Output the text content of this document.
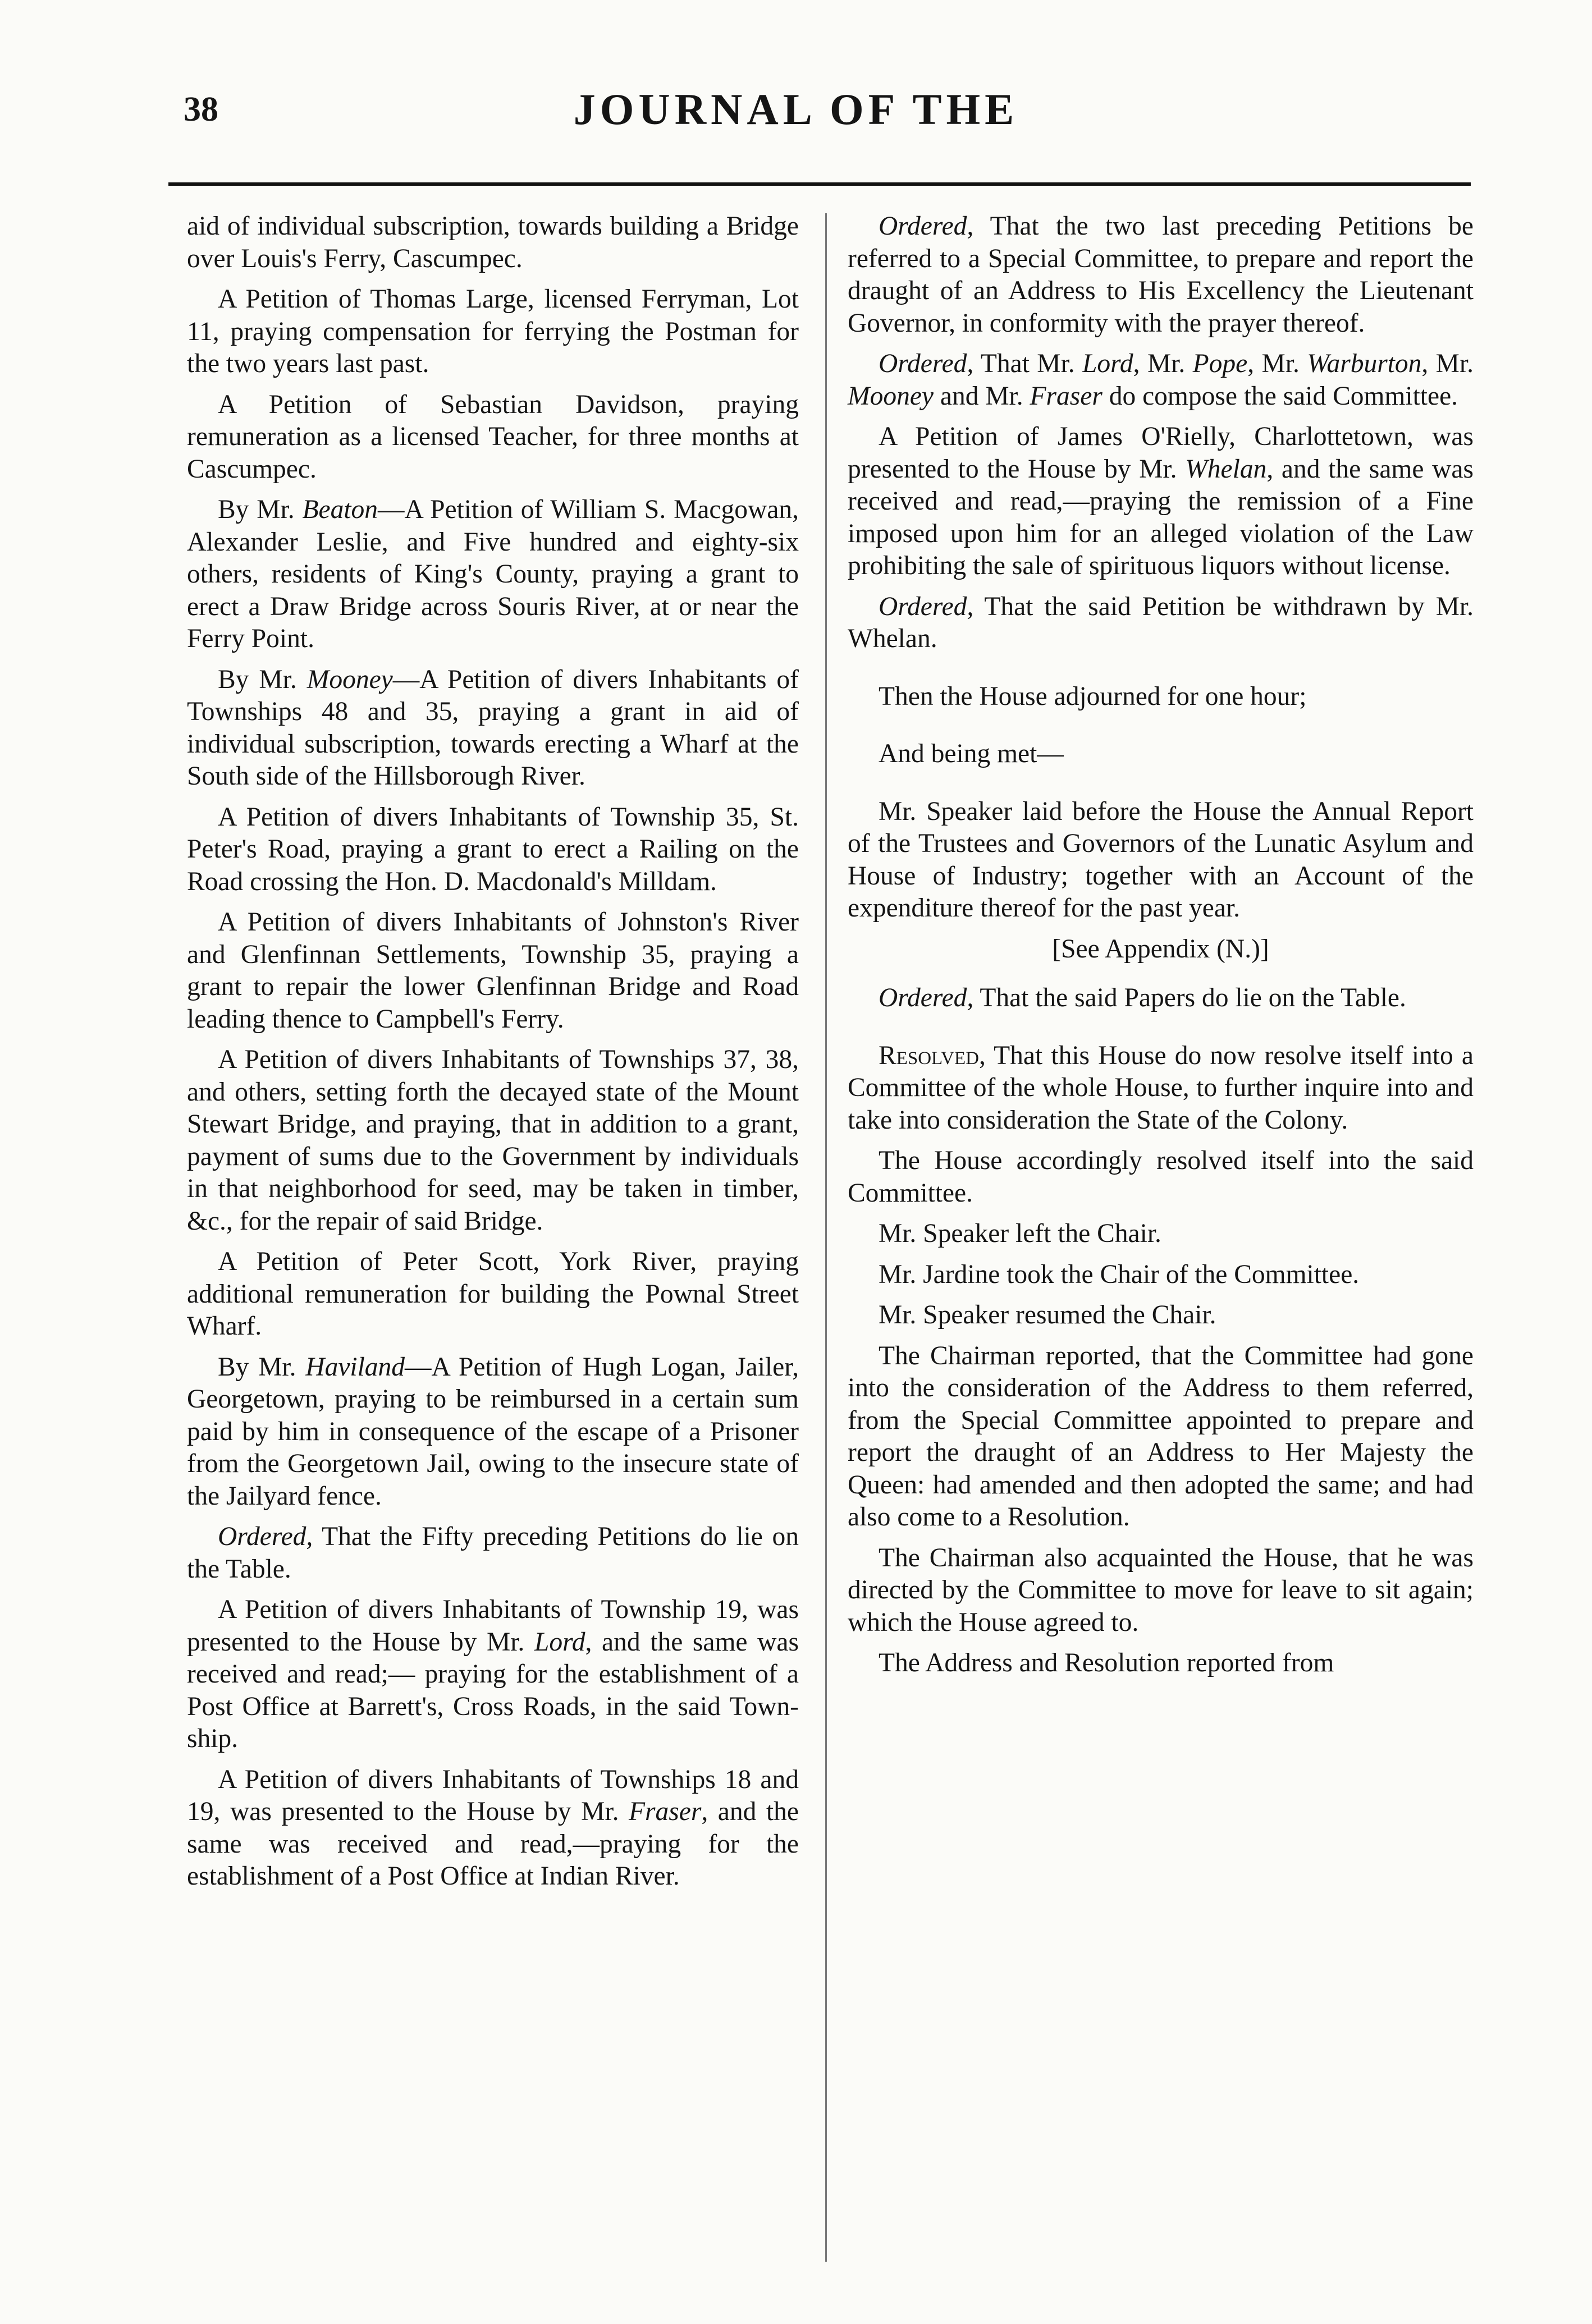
38	JOURNAL OF THE

aid of individual subscription, towards building a Bridge over Louis's Ferry, Cascumpec.

A Petition of Thomas Large, licensed Ferryman, Lot 11, praying compensation for ferrying the Postman for the two years last past.

A Petition of Sebastian Davidson, praying remuneration as a licensed Teacher, for three months at Cascumpec.

By Mr. Beaton—A Petition of William S. Macgowan, Alexander Leslie, and Five hundred and eighty-six others, residents of King's County, praying a grant to erect a Draw Bridge across Souris River, at or near the Ferry Point.

By Mr. Mooney—A Petition of divers Inhabitants of Townships 48 and 35, praying a grant in aid of individual subscription, towards erecting a Wharf at the South side of the Hillsborough River.

A Petition of divers Inhabitants of Township 35, St. Peter's Road, praying a grant to erect a Railing on the Road crossing the Hon. D. Macdonald's Milldam.

A Petition of divers Inhabitants of Johnston's River and Glenfinnan Settlements, Township 35, praying a grant to repair the lower Glenfinnan Bridge and Road leading thence to Campbell's Ferry.

A Petition of divers Inhabitants of Townships 37, 38, and others, setting forth the decayed state of the Mount Stewart Bridge, and praying, that in addition to a grant, payment of sums due to the Government by individuals in that neighborhood for seed, may be taken in timber, &c., for the repair of said Bridge.

A Petition of Peter Scott, York River, praying additional remuneration for building the Pownal Street Wharf.

By Mr. Haviland—A Petition of Hugh Logan, Jailer, Georgetown, praying to be reimbursed in a certain sum paid by him in consequence of the escape of a Prisoner from the Georgetown Jail, owing to the insecure state of the Jailyard fence.

Ordered, That the Fifty preceding Petitions do lie on the Table.

A Petition of divers Inhabitants of Township 19, was presented to the House by Mr. Lord, and the same was received and read;— praying for the establishment of a Post Office at Barrett's, Cross Roads, in the said Township.

A Petition of divers Inhabitants of Townships 18 and 19, was presented to the House by Mr. Fraser, and the same was received and read,—praying for the establishment of a Post Office at Indian River.

Ordered, That the two last preceding Petitions be referred to a Special Committee, to prepare and report the draught of an Address to His Excellency the Lieutenant Governor, in conformity with the prayer thereof.

Ordered, That Mr. Lord, Mr. Pope, Mr. Warburton, Mr. Mooney and Mr. Fraser do compose the said Committee.

A Petition of James O'Rielly, Charlottetown, was presented to the House by Mr. Whelan, and the same was received and read,—praying the remission of a Fine imposed upon him for an alleged violation of the Law prohibiting the sale of spirituous liquors without license.

Ordered, That the said Petition be withdrawn by Mr. Whelan.

Then the House adjourned for one hour;

And being met—

Mr. Speaker laid before the House the Annual Report of the Trustees and Governors of the Lunatic Asylum and House of Industry; together with an Account of the expenditure thereof for the past year.

[See Appendix (N.)]

Ordered, That the said Papers do lie on the Table.

Resolved, That this House do now resolve itself into a Committee of the whole House, to further inquire into and take into consideration the State of the Colony.

The House accordingly resolved itself into the said Committee.

Mr. Speaker left the Chair.

Mr. Jardine took the Chair of the Committee.

Mr. Speaker resumed the Chair.

The Chairman reported, that the Committee had gone into the consideration of the Address to them referred, from the Special Committee appointed to prepare and report the draught of an Address to Her Majesty the Queen: had amended and then adopted the same; and had also come to a Resolution.

The Chairman also acquainted the House, that he was directed by the Committee to move for leave to sit again; which the House agreed to.

The Address and Resolution reported from
